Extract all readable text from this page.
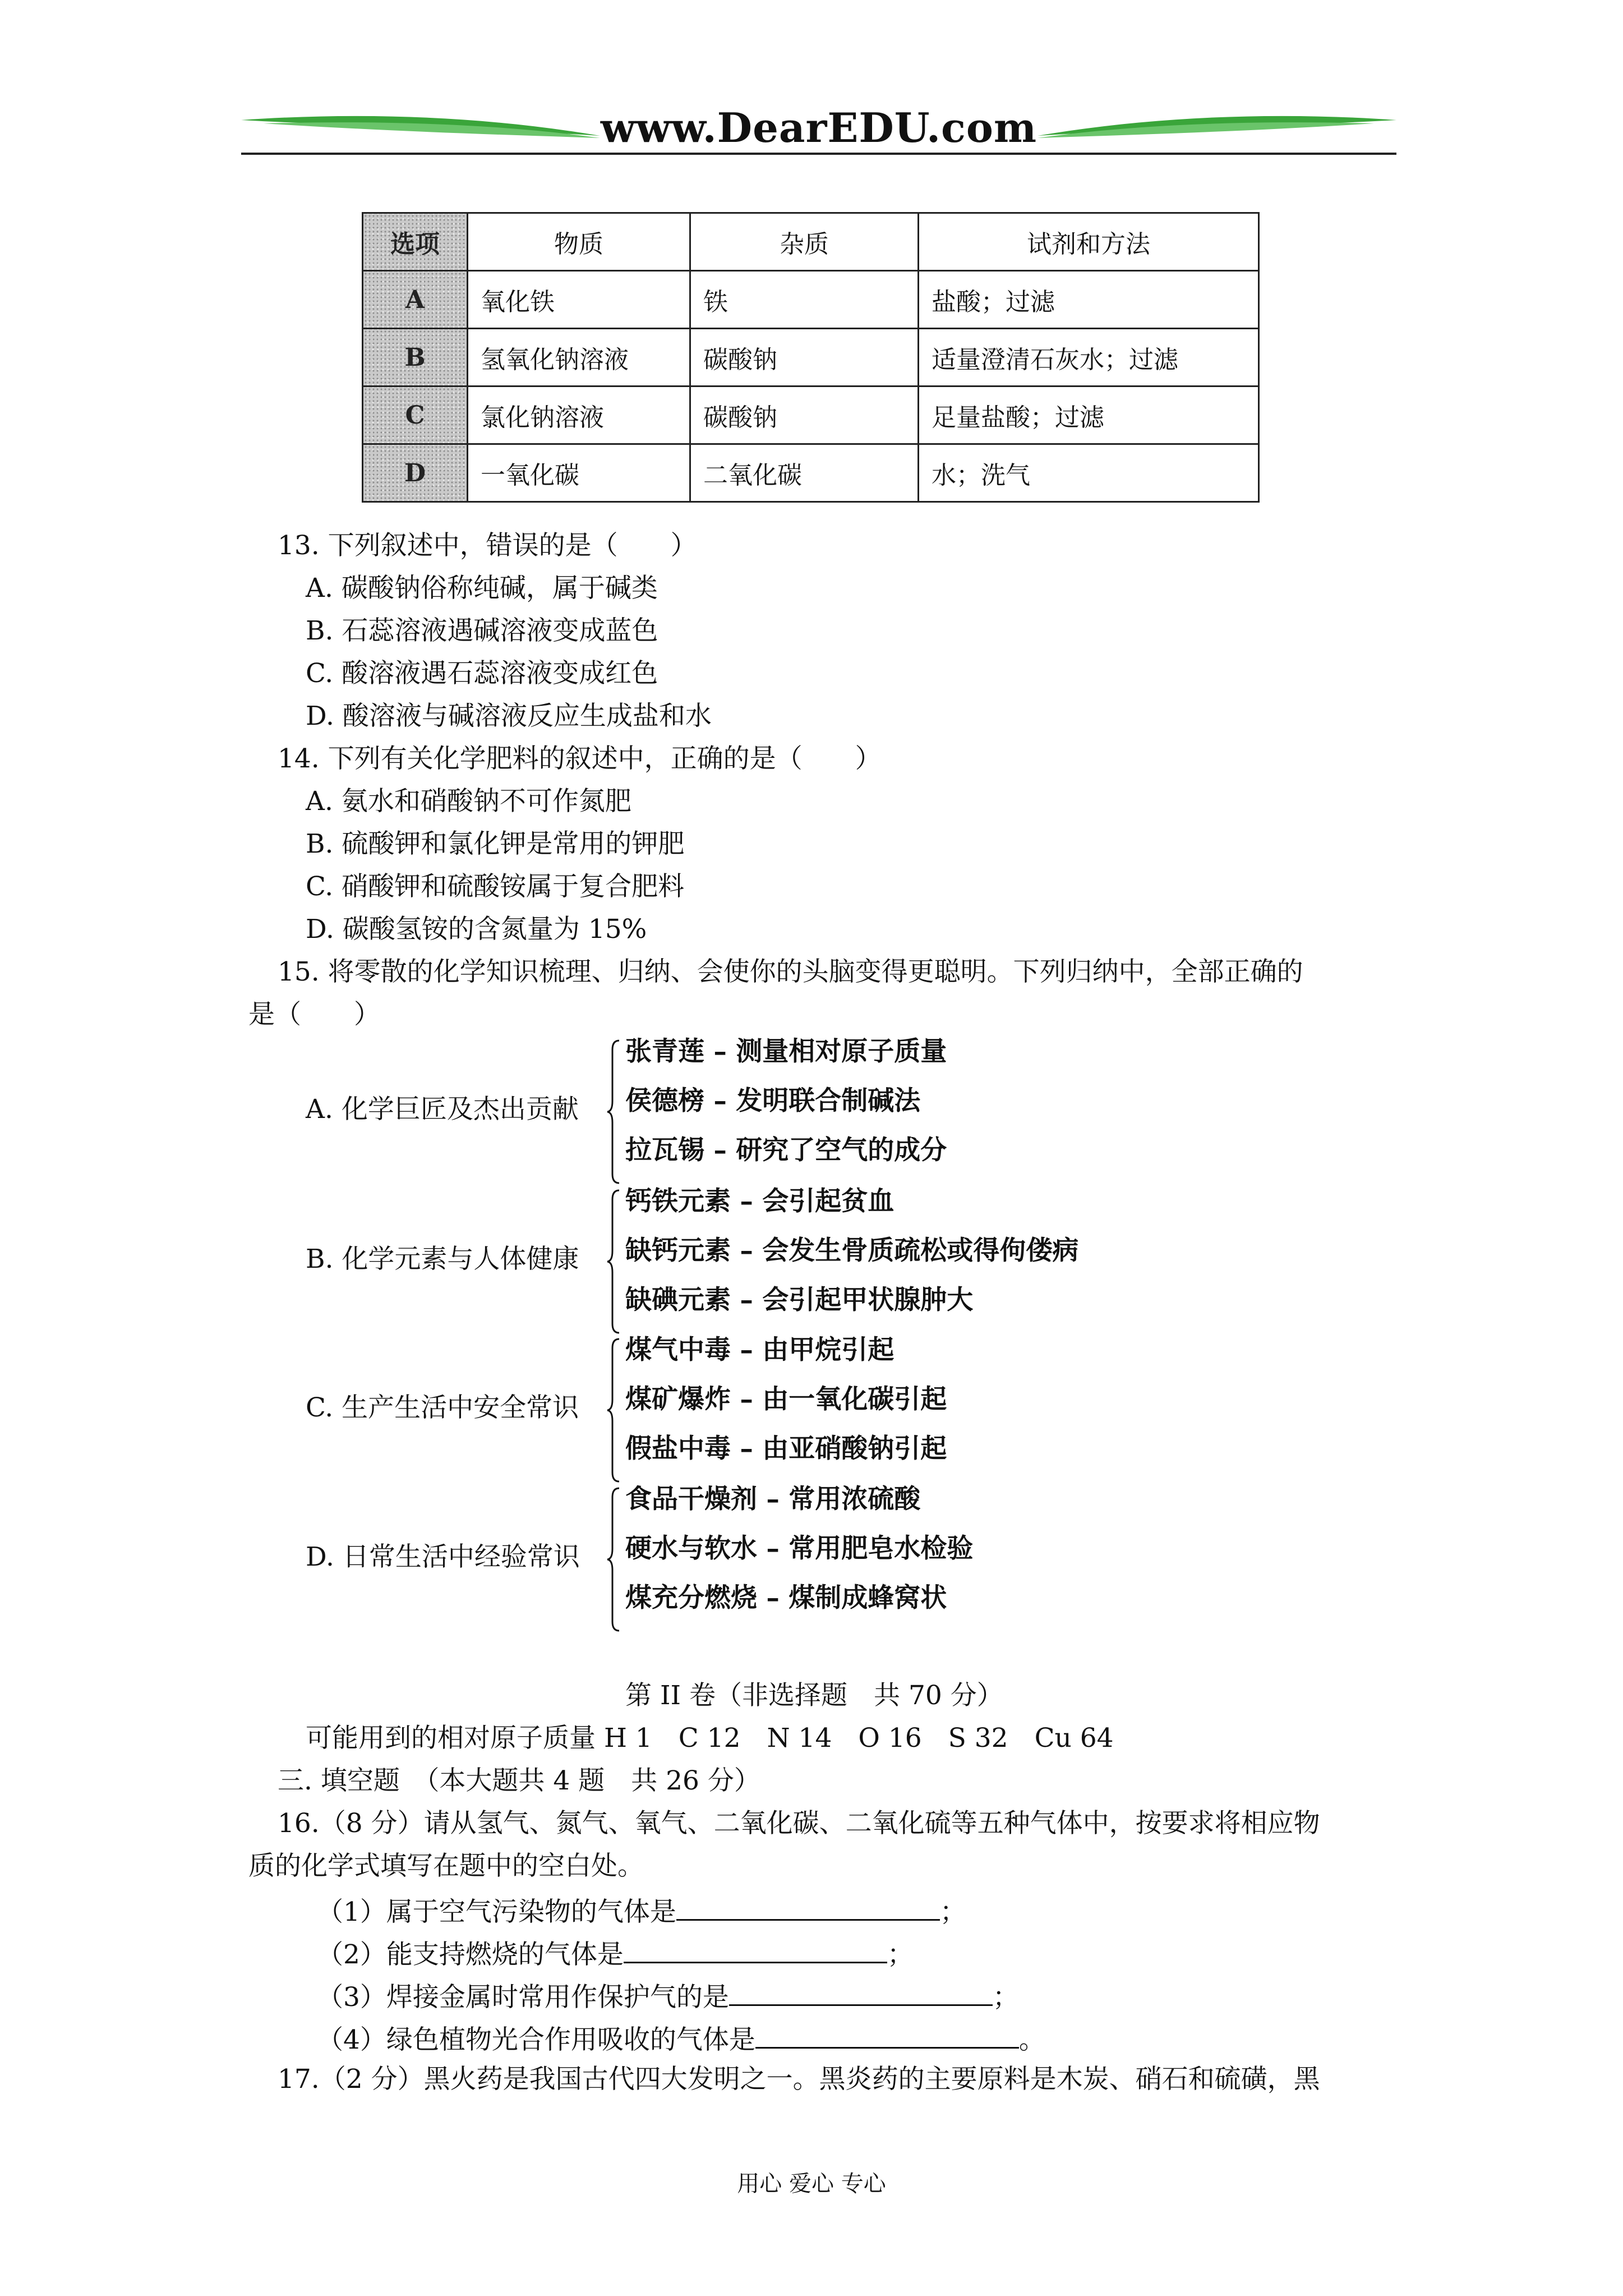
www.DearEDU.com
选项	物质	杂质	试剂和方法
A	氧化铁	铁	盐酸；过滤
B	氢氧化钠溶液	碳酸钠	适量澄清石灰水；过滤
C	氯化钠溶液	碳酸钠	足量盐酸；过滤
D	一氧化碳	二氧化碳	水；洗气
13. 下列叙述中，错误的是（　　）
A. 碳酸钠俗称纯碱，属于碱类
B. 石蕊溶液遇碱溶液变成蓝色
C. 酸溶液遇石蕊溶液变成红色
D. 酸溶液与碱溶液反应生成盐和水
14. 下列有关化学肥料的叙述中，正确的是（　　）
A. 氨水和硝酸钠不可作氮肥
B. 硫酸钾和氯化钾是常用的钾肥
C. 硝酸钾和硫酸铵属于复合肥料
D. 碳酸氢铵的含氮量为 15%
15. 将零散的化学知识梳理、归纳、会使你的头脑变得更聪明。下列归纳中，全部正确的
是（　　）
A. 化学巨匠及杰出贡献
张青莲 – 测量相对原子质量
侯德榜 – 发明联合制碱法
拉瓦锡 – 研究了空气的成分
B. 化学元素与人体健康
钙铁元素 – 会引起贫血
缺钙元素 – 会发生骨质疏松或得佝偻病
缺碘元素 – 会引起甲状腺肿大
C. 生产生活中安全常识
煤气中毒 – 由甲烷引起
煤矿爆炸 – 由一氧化碳引起
假盐中毒 – 由亚硝酸钠引起
D. 日常生活中经验常识
食品干燥剂 – 常用浓硫酸
硬水与软水 – 常用肥皂水检验
煤充分燃烧 – 煤制成蜂窝状
第 II 卷（非选择题　共 70 分）
可能用到的相对原子质量 H 1　C 12　N 14　O 16　S 32　Cu 64
三. 填空题　（本大题共 4 题　共 26 分）
16.（8 分）请从氢气、氮气、氧气、二氧化碳、二氧化硫等五种气体中，按要求将相应物
质的化学式填写在题中的空白处。
（1）属于空气污染物的气体是	；
（2）能支持燃烧的气体是	；
（3）焊接金属时常用作保护气的是	；
（4）绿色植物光合作用吸收的气体是	。
17.（2 分）黑火药是我国古代四大发明之一。黑炎药的主要原料是木炭、硝石和硫磺，黑
用心 爱心 专心
